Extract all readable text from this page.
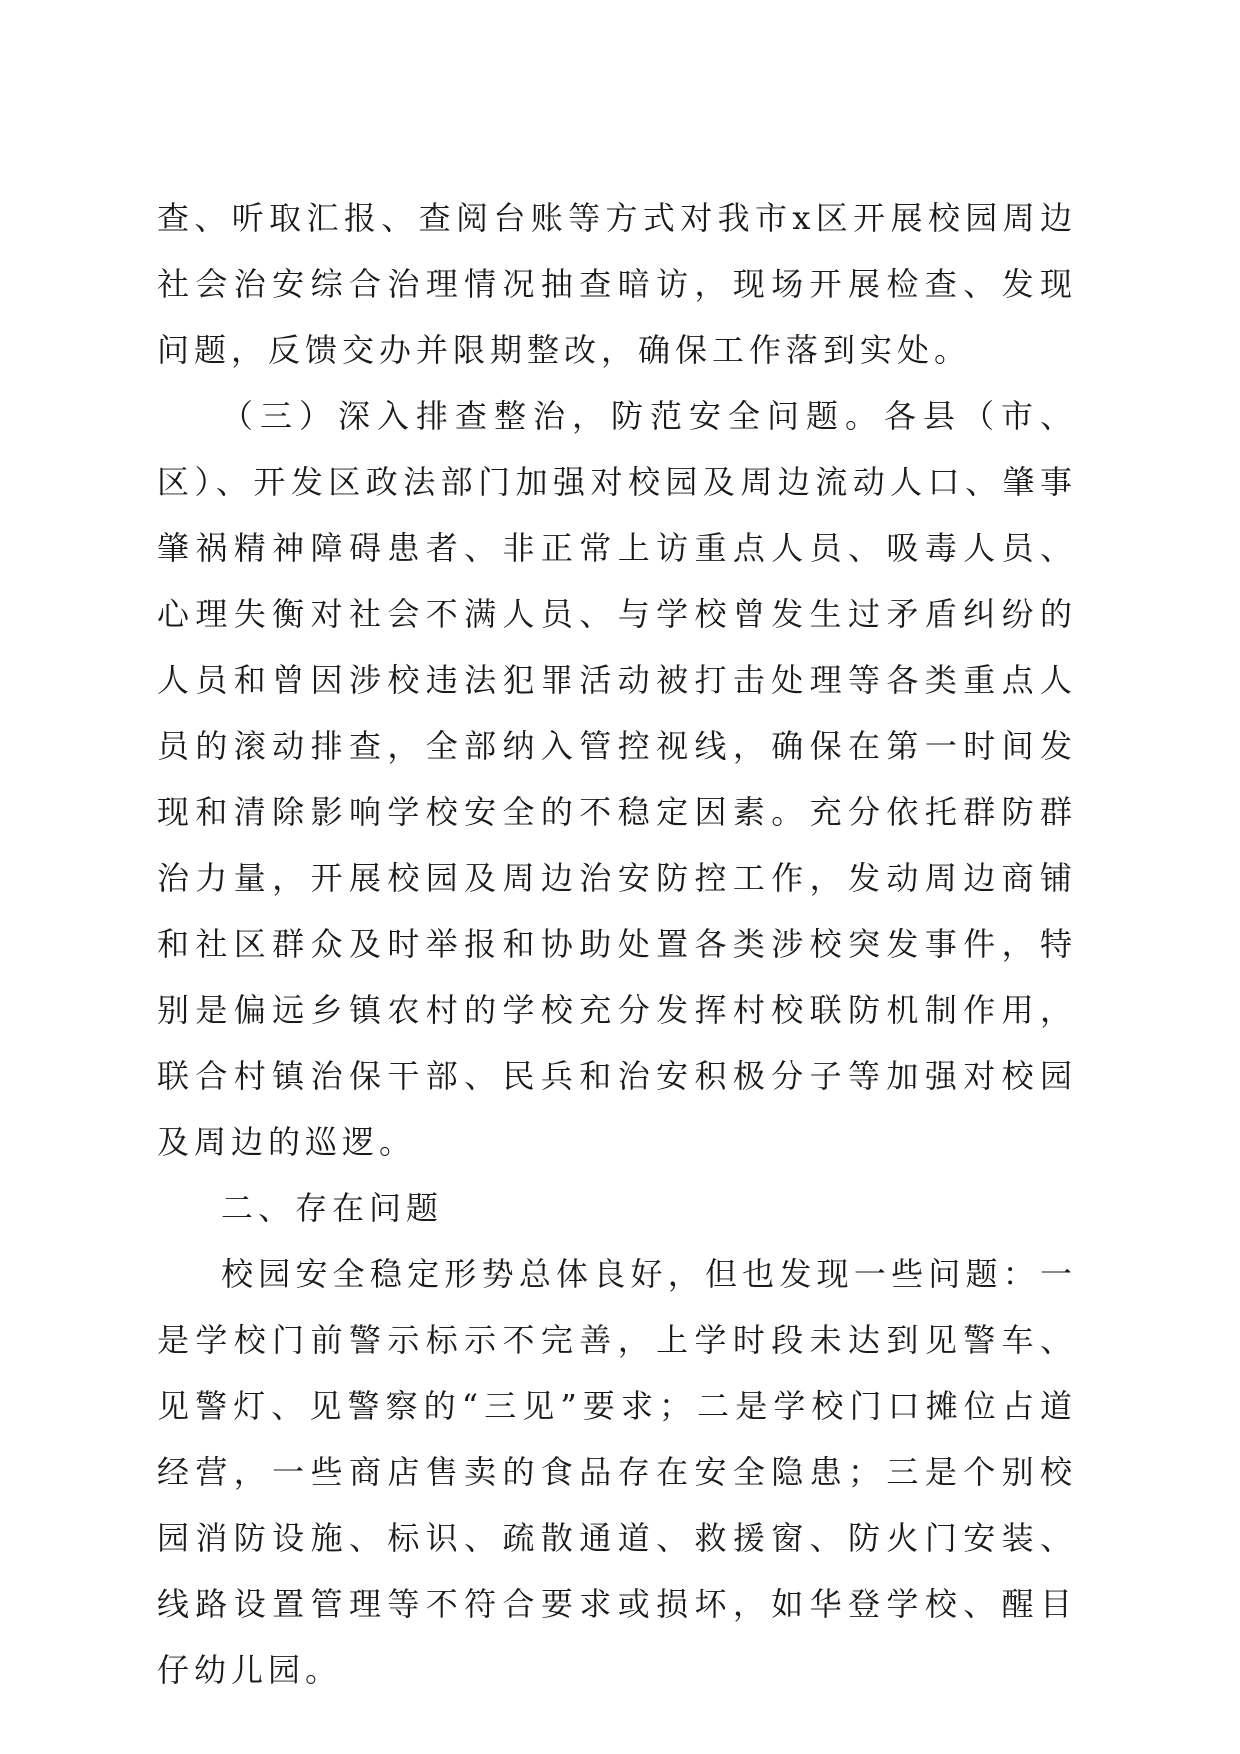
查、听取汇报、查阅台账等方式对我市x区开展校园周边社会治安综合治理情况抽查暗访，现场开展检查、发现问题，反馈交办并限期整改，确保工作落到实处。

（三）深入排查整治，防范安全问题。各县（市、区）、开发区政法部门加强对校园及周边流动人口、肇事肇祸精神障碍患者、非正常上访重点人员、吸毒人员、心理失衡对社会不满人员、与学校曾发生过矛盾纠纷的人员和曾因涉校违法犯罪活动被打击处理等各类重点人员的滚动排查，全部纳入管控视线，确保在第一时间发现和清除影响学校安全的不稳定因素。充分依托群防群治力量，开展校园及周边治安防控工作，发动周边商铺和社区群众及时举报和协助处置各类涉校突发事件，特别是偏远乡镇农村的学校充分发挥村校联防机制作用，联合村镇治保干部、民兵和治安积极分子等加强对校园及周边的巡逻。

二、存在问题

校园安全稳定形势总体良好，但也发现一些问题：一是学校门前警示标示不完善，上学时段未达到见警车、见警灯、见警察的“三见”要求；二是学校门口摊位占道经营，一些商店售卖的食品存在安全隐患；三是个别校园消防设施、标识、疏散通道、救援窗、防火门安装、线路设置管理等不符合要求或损坏，如华登学校、醒目仔幼儿园。
